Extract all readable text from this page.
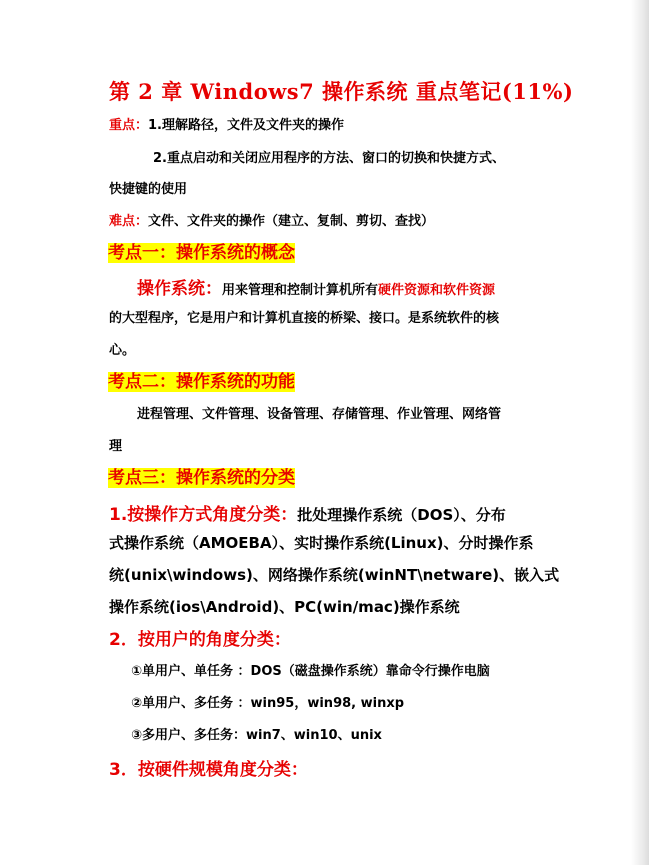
第 2 章 Windows7 操作系统 重点笔记(11%)
重点：1.理解路径，文件及文件夹的操作
2.重点启动和关闭应用程序的方法、窗口的切换和快捷方式、
快捷键的使用
难点：文件、文件夹的操作（建立、复制、剪切、查找）
考点一：操作系统的概念
操作系统：用来管理和控制计算机所有硬件资源和软件资源
的大型程序，它是用户和计算机直接的桥梁、接口。是系统软件的核
心。
考点二：操作系统的功能
进程管理、文件管理、设备管理、存储管理、作业管理、网络管
理
考点三：操作系统的分类
1.按操作方式角度分类：批处理操作系统（DOS）、分布
式操作系统（AMOEBA）、实时操作系统(Linux)、分时操作系
统(unix\windows)、网络操作系统(winNT\netware)、嵌入式
操作系统(ios\Android)、PC(win/mac)操作系统
2．按用户的角度分类：
①单用户、单任务 ：DOS（磁盘操作系统）靠命令行操作电脑
②单用户、多任务 ：win95，win98, winxp
③多用户、多任务：win7、win10、unix
3．按硬件规模角度分类：
